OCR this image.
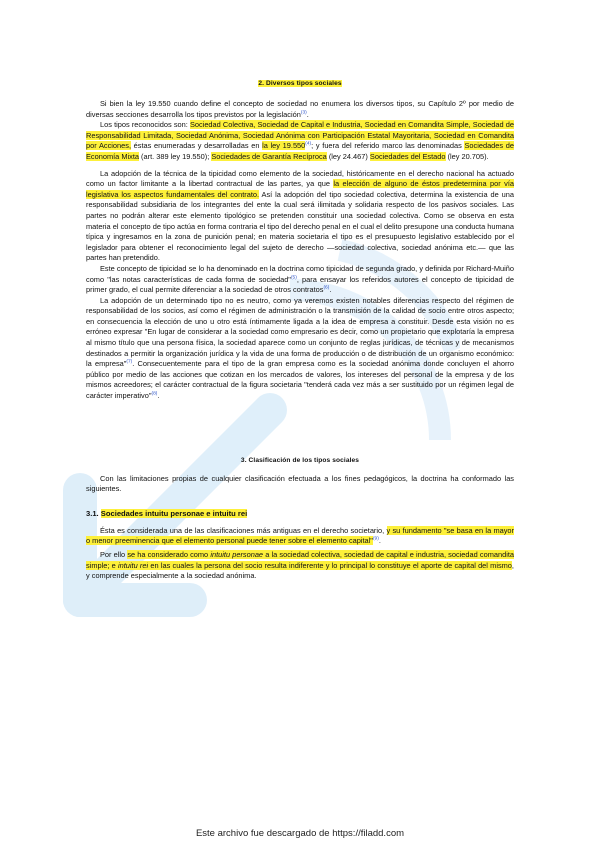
2. Diversos tipos sociales

Si bien la ley 19.550 cuando define el concepto de sociedad no enumera los diversos tipos, su Capítulo 2º por medio de diversas secciones desarrolla los tipos previstos por la legislación$^{(3)}$.

Los tipos reconocidos son: Sociedad Colectiva, Sociedad de Capital e Industria, Sociedad en Comandita Simple, Sociedad de Responsabilidad Limitada, Sociedad Anónima, Sociedad Anónima con Participación Estatal Mayoritaria, Sociedad en Comandita por Acciones, éstas enumeradas y desarrolladas en la ley 19.550$^{(4)}$; y fuera del referido marco las denominadas Sociedades de Economía Mixta (art. 389 ley 19.550); Sociedades de Garantía Recíproca (ley 24.467) Sociedades del Estado (ley 20.705).

La adopción de la técnica de la tipicidad como elemento de la sociedad, históricamente en el derecho nacional ha actuado como un factor limitante a la libertad contractual de las partes, ya que la elección de alguno de éstos predetermina por vía legislativa los aspectos fundamentales del contrato. Así la adopción del tipo sociedad colectiva, determina la existencia de una responsabilidad subsidiaria de los integrantes del ente la cual será ilimitada y solidaria respecto de los pasivos sociales. Las partes no podrán alterar este elemento tipológico se pretenden constituir una sociedad colectiva. Como se observa en esta materia el concepto de tipo actúa en forma contraria el tipo del derecho penal en el cual el delito presupone una conducta humana típica y ingresamos en la zona de punición penal; en materia societaria el tipo es el presupuesto legislativo establecido por el legislador para obtener el reconocimiento legal del sujeto de derecho —sociedad colectiva, sociedad anónima etc.— que las partes han pretendido.

Este concepto de tipicidad se lo ha denominado en la doctrina como tipicidad de segunda grado, y definida por Richard-Muiño como "las notas características de cada forma de sociedad"$^{(5)}$, para ensayar los referidos autores el concepto de tipicidad de primer grado, el cual permite diferenciar a la sociedad de otros contratos$^{(6)}$.

La adopción de un determinado tipo no es neutro, como ya veremos existen notables diferencias respecto del régimen de responsabilidad de los socios, así como el régimen de administración o la transmisión de la calidad de socio entre otros aspecto; en consecuencia la elección de uno u otro está íntimamente ligada a la idea de empresa a constituir. Desde esta visión no es erróneo expresar "En lugar de considerar a la sociedad como empresario es decir, como un propietario que explotaría la empresa al mismo título que una persona física, la sociedad aparece como un conjunto de reglas jurídicas, de técnicas y de mecanismos destinados a permitir la organización jurídica y la vida de una forma de producción o de distribución de un organismo económico: la empresa"$^{(7)}$. Consecuentemente para el tipo de la gran empresa como es la sociedad anónima donde concluyen el ahorro público por medio de las acciones que cotizan en los mercados de valores, los intereses del personal de la empresa y de los mismos acreedores; el carácter contractual de la figura societaria "tenderá cada vez más a ser sustituido por un régimen legal de carácter imperativo"$^{(8)}$.

3. Clasificación de los tipos sociales

Con las limitaciones propias de cualquier clasificación efectuada a los fines pedagógicos, la doctrina ha conformado las siguientes.

3.1. Sociedades intuitu personae e intuitu rei

Ésta es considerada una de las clasificaciones más antiguas en el derecho societario, y su fundamento "se basa en la mayor o menor preeminencia que el elemento personal puede tener sobre el elemento capital"$^{(9)}$.

Por ello se ha considerado como intuitu personae a la sociedad colectiva, sociedad de capital e industria, sociedad comandita simple; e intuitu rei en las cuales la persona del socio resulta indiferente y lo principal lo constituye el aporte de capital del mismo, y comprende especialmente a la sociedad anónima.

Este archivo fue descargado de https://filadd.com
